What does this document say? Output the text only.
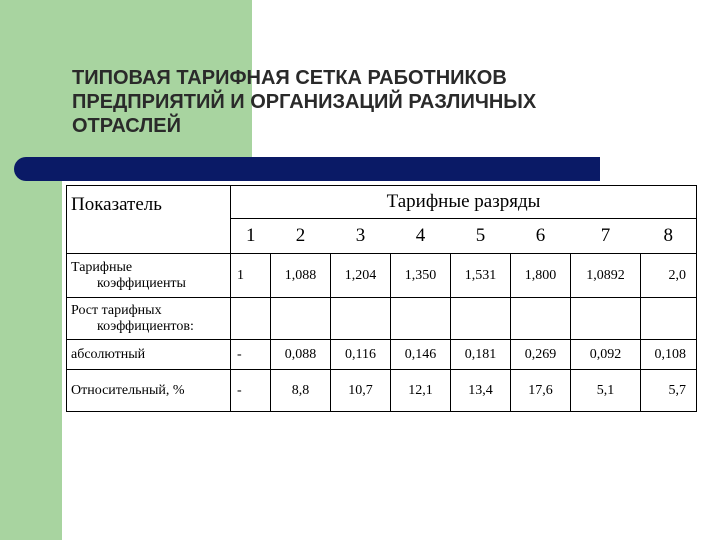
ТИПОВАЯ ТАРИФНАЯ СЕТКА РАБОТНИКОВ
ПРЕДПРИЯТИЙ И ОРГАНИЗАЦИЙ РАЗЛИЧНЫХ
ОТРАСЛЕЙ
Показатель	Тарифные разряды							
	1	2	3	4	5	6	7	8
Тарифные
коэффициенты	1	1,088	1,204	1,350	1,531	1,800	1,0892	2,0
Рост тарифных
коэффициентов:								

абсолютный	-	0,088	0,116	0,146	0,181	0,269	0,092	0,108
Относительный, %	-	8,8	10,7	12,1	13,4	17,6	5,1	5,7
